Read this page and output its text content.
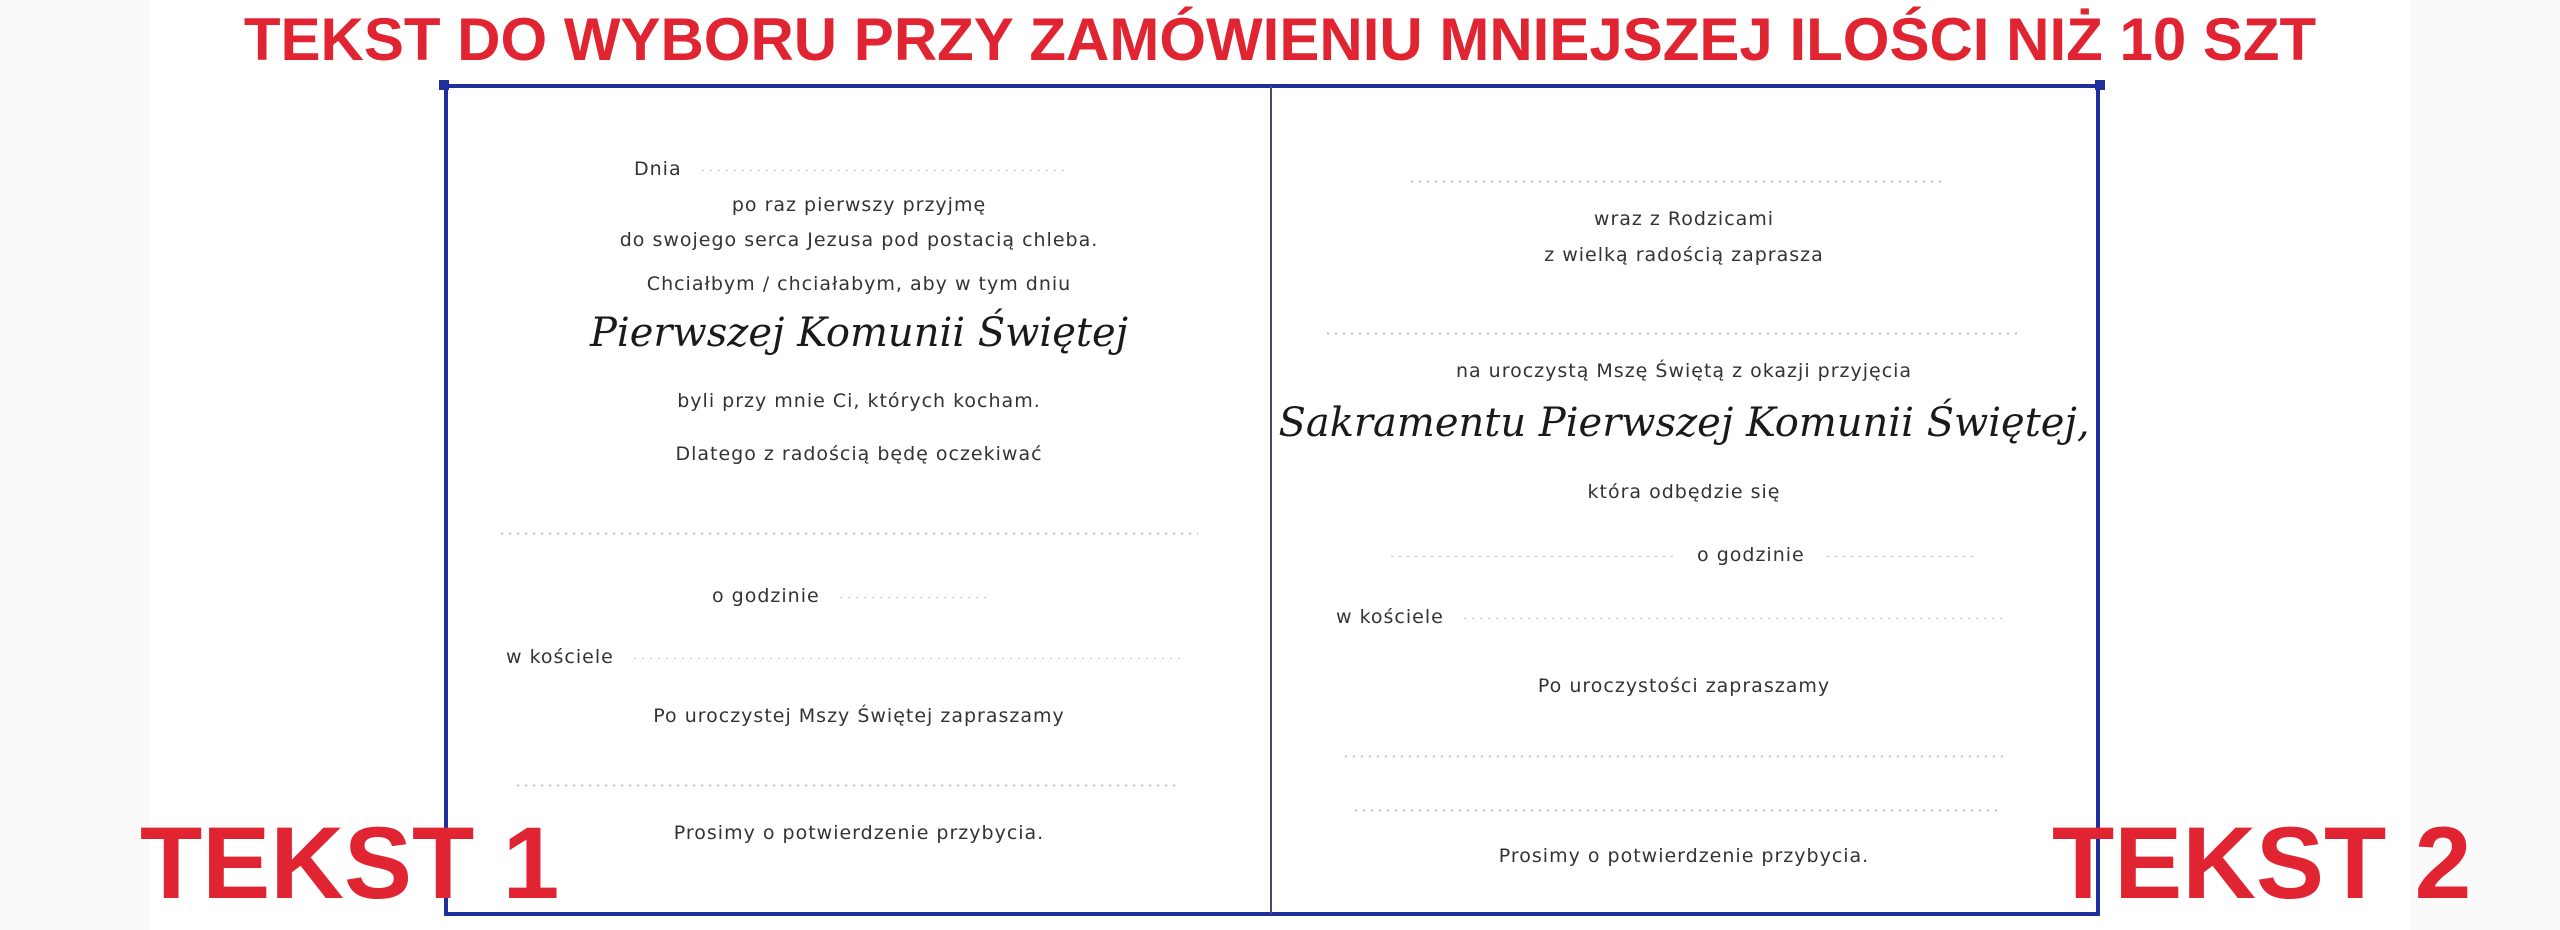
TEKST DO WYBORU PRZY ZAMÓWIENIU MNIEJSZEJ ILOŚCI NIŻ 10 SZT
Dnia
po raz pierwszy przyjmę
do swojego serca Jezusa pod postacią chleba.
Chciałbym / chciałabym, aby w tym dniu
Pierwszej Komunii Świętej
byli przy mnie Ci, których kocham.
Dlatego z radością będę oczekiwać
o godzinie
w kościele
Po uroczystej Mszy Świętej zapraszamy
Prosimy o potwierdzenie przybycia.
wraz z Rodzicami
z wielką radością zaprasza
na uroczystą Mszę Świętą z okazji przyjęcia
Sakramentu Pierwszej Komunii Świętej,
która odbędzie się
o godzinie
w kościele
Po uroczystości zapraszamy
Prosimy o potwierdzenie przybycia.
TEKST 1	TEKST 2
